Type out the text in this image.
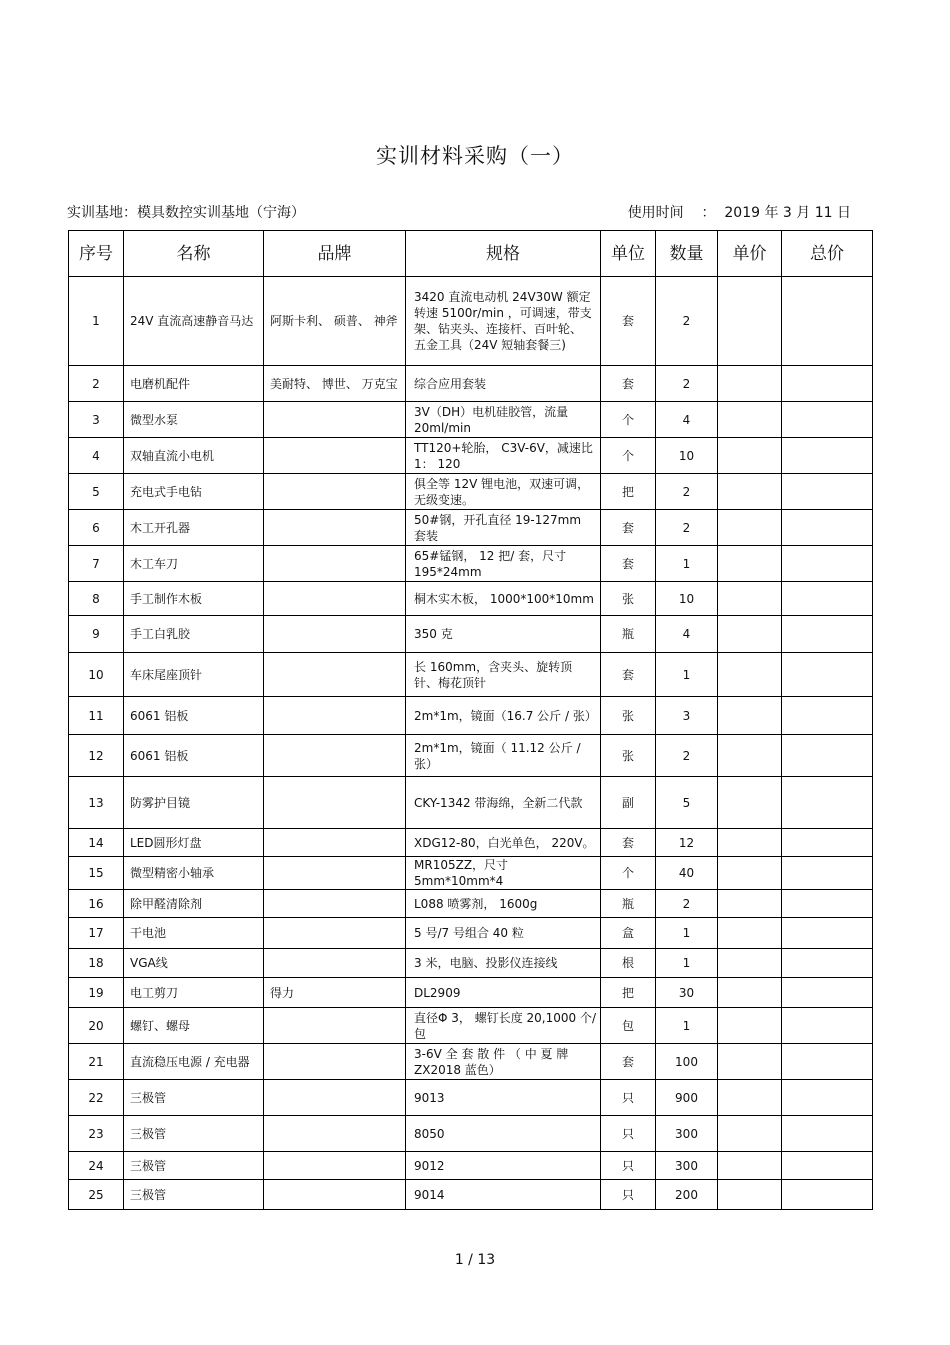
实训材料采购（一）
实训基地：模具数控实训基地（宁海）	使用时间    ：  2019 年 3 月 11 日
序号	名称	品牌	规格	单位	数量	单价	总价
1	24V 直流高速静音马达	阿斯卡利、 硕普、 神斧	3420 直流电动机 24V30W 额定转速 5100r/min ，可调速，带支架、钻夹头、连接杆、百叶轮、 五金工具（24V 短轴套餐三)	套	2		
2	电磨机配件	美耐特、 博世、 万克宝	综合应用套装	套	2		
3	微型水泵		3V（DH）电机硅胶管，流量 20ml/min	个	4		
4	双轴直流小电机		TT120+轮胎， C3V-6V，减速比 1： 120	个	10		
5	充电式手电钻		俱全等 12V 锂电池，双速可调，无级变速。	把	2		
6	木工开孔器		50#钢，开孔直径 19-127mm 套装	套	2		
7	木工车刀		65#锰钢， 12 把/ 套，尺寸 195*24mm	套	1		
8	手工制作木板		桐木实木板， 1000*100*10mm	张	10		
9	手工白乳胶		350 克	瓶	4		
10	车床尾座顶针		长 160mm，含夹头、旋转顶针、梅花顶针	套	1		
11	6061 铝板		2m*1m，镜面（16.7 公斤 / 张）	张	3		
12	6061 铝板		2m*1m，镜面（ 11.12 公斤 / 张）	张	2		
13	防雾护目镜		CKY-1342 带海绵，全新二代款	副	5		
14	LED圆形灯盘		XDG12-80，白光单色， 220V。	套	12		
15	微型精密小轴承		MR105ZZ，尺寸 5mm*10mm*4	个	40		
16	除甲醛清除剂		L088 喷雾剂， 1600g	瓶	2		
17	干电池		5 号/7 号组合 40 粒	盒	1		
18	VGA线		3 米，电脑、投影仪连接线	根	1		
19	电工剪刀	得力	DL2909	把	30		
20	螺钉、螺母		直径Φ 3， 螺钉长度 20,1000 个/ 包	包	1		
21	直流稳压电源 / 充电器		3-6V 全 套 散 件 （ 中 夏 牌 ZX2018 蓝色）	套	100		
22	三极管		9013	只	900		
23	三极管		8050	只	300		
24	三极管		9012	只	300		
25	三极管		9014	只	200		
1 / 13
